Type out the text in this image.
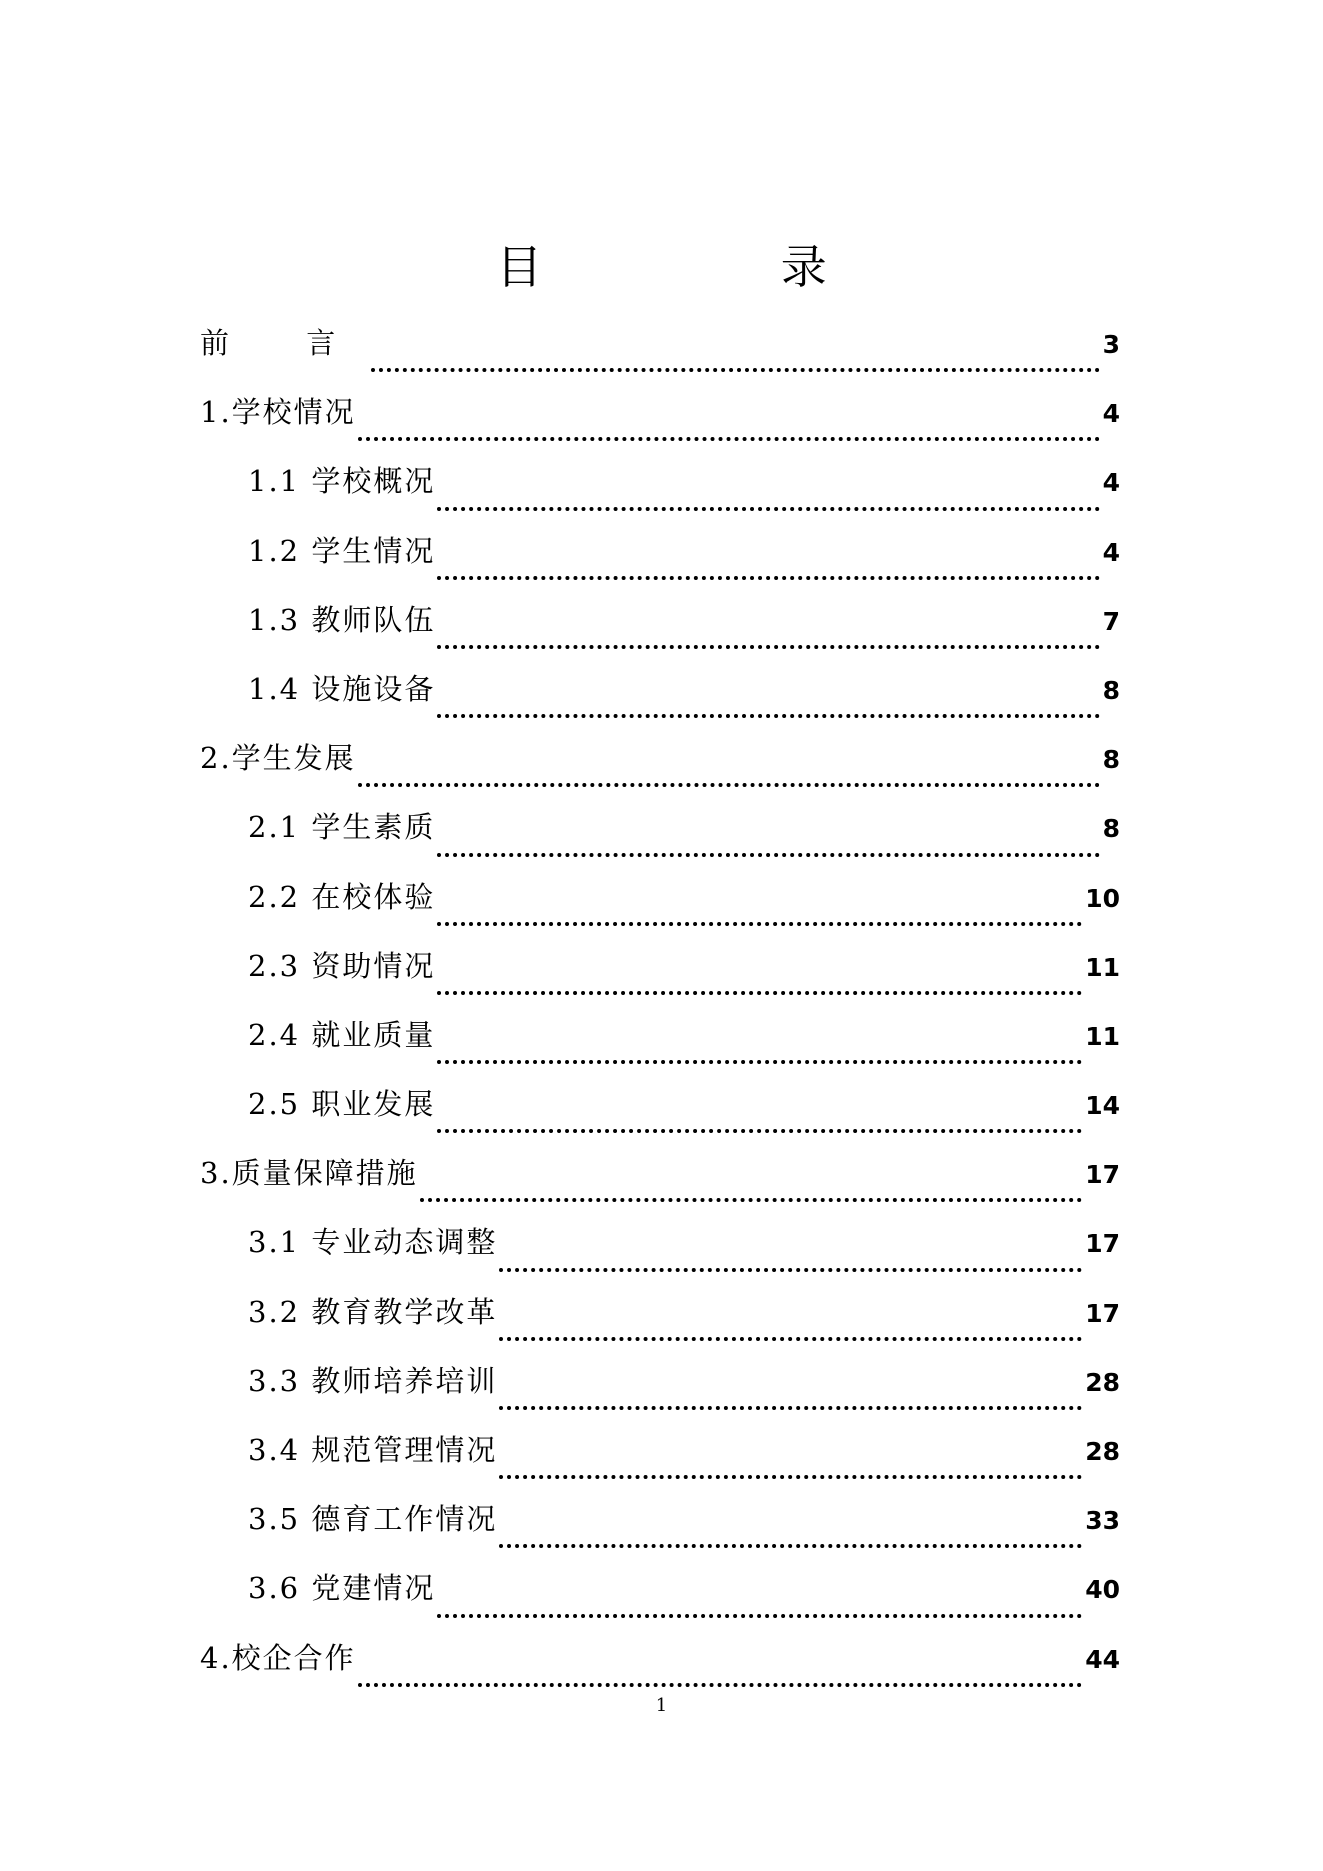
目 录
前 言	3
1.学校情况	4
1.1 学校概况	4
1.2 学生情况	4
1.3 教师队伍	7
1.4 设施设备	8
2.学生发展	8
2.1 学生素质	8
2.2 在校体验	10
2.3 资助情况	11
2.4 就业质量	11
2.5 职业发展	14
3.质量保障措施	17
3.1 专业动态调整	17
3.2 教育教学改革	17
3.3 教师培养培训	28
3.4 规范管理情况	28
3.5 德育工作情况	33
3.6 党建情况	40
4.校企合作	44
1
